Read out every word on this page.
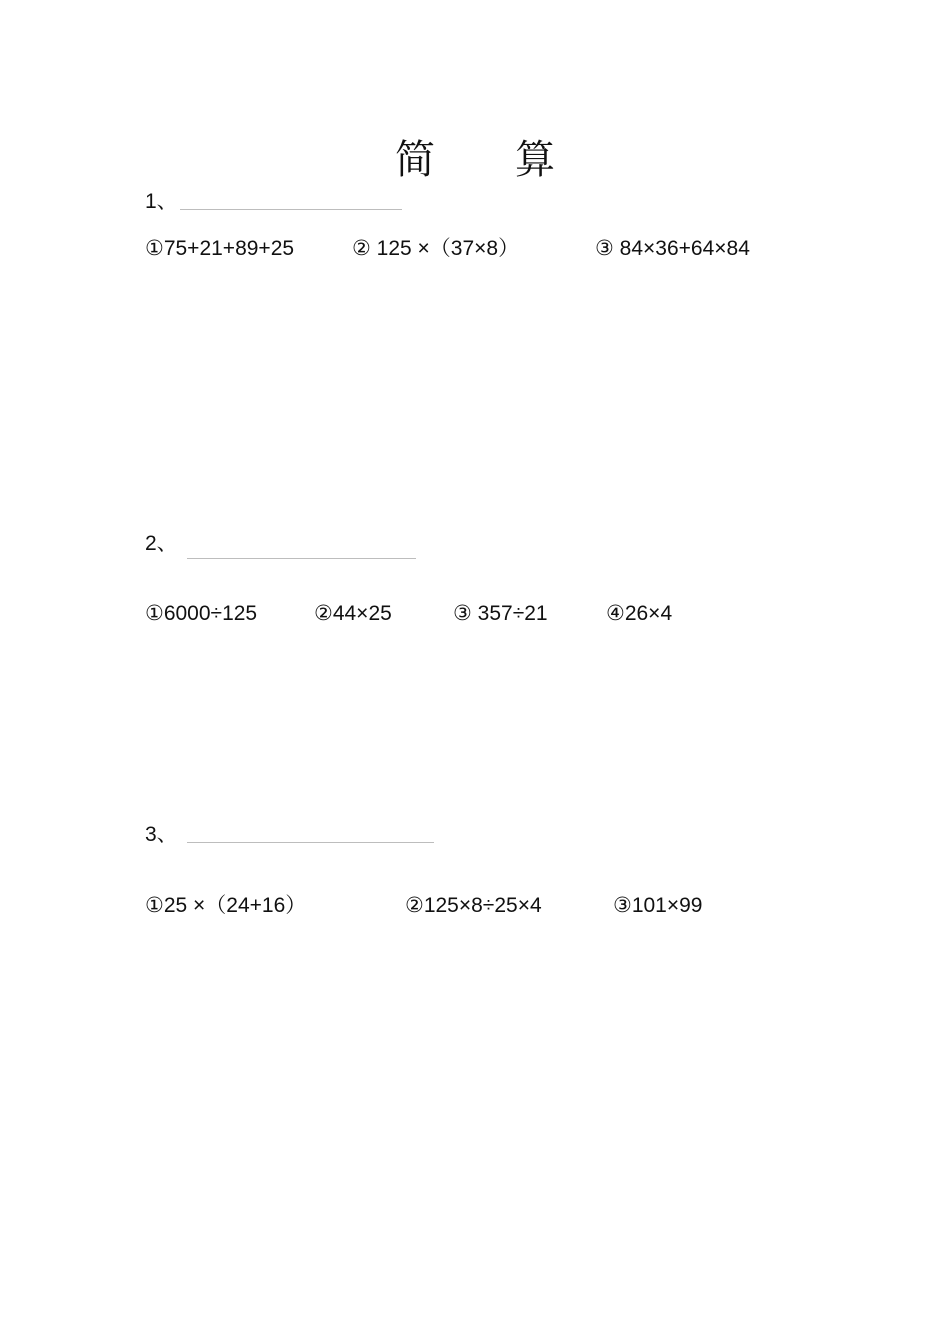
简 算
1、
①75+21+89+25	② 125 ×（37×8）	③ 84×36+64×84
2、
①6000÷125	②44×25	③ 357÷21	④26×4
3、
①25 ×（24+16）	②125×8÷25×4	③101×99
